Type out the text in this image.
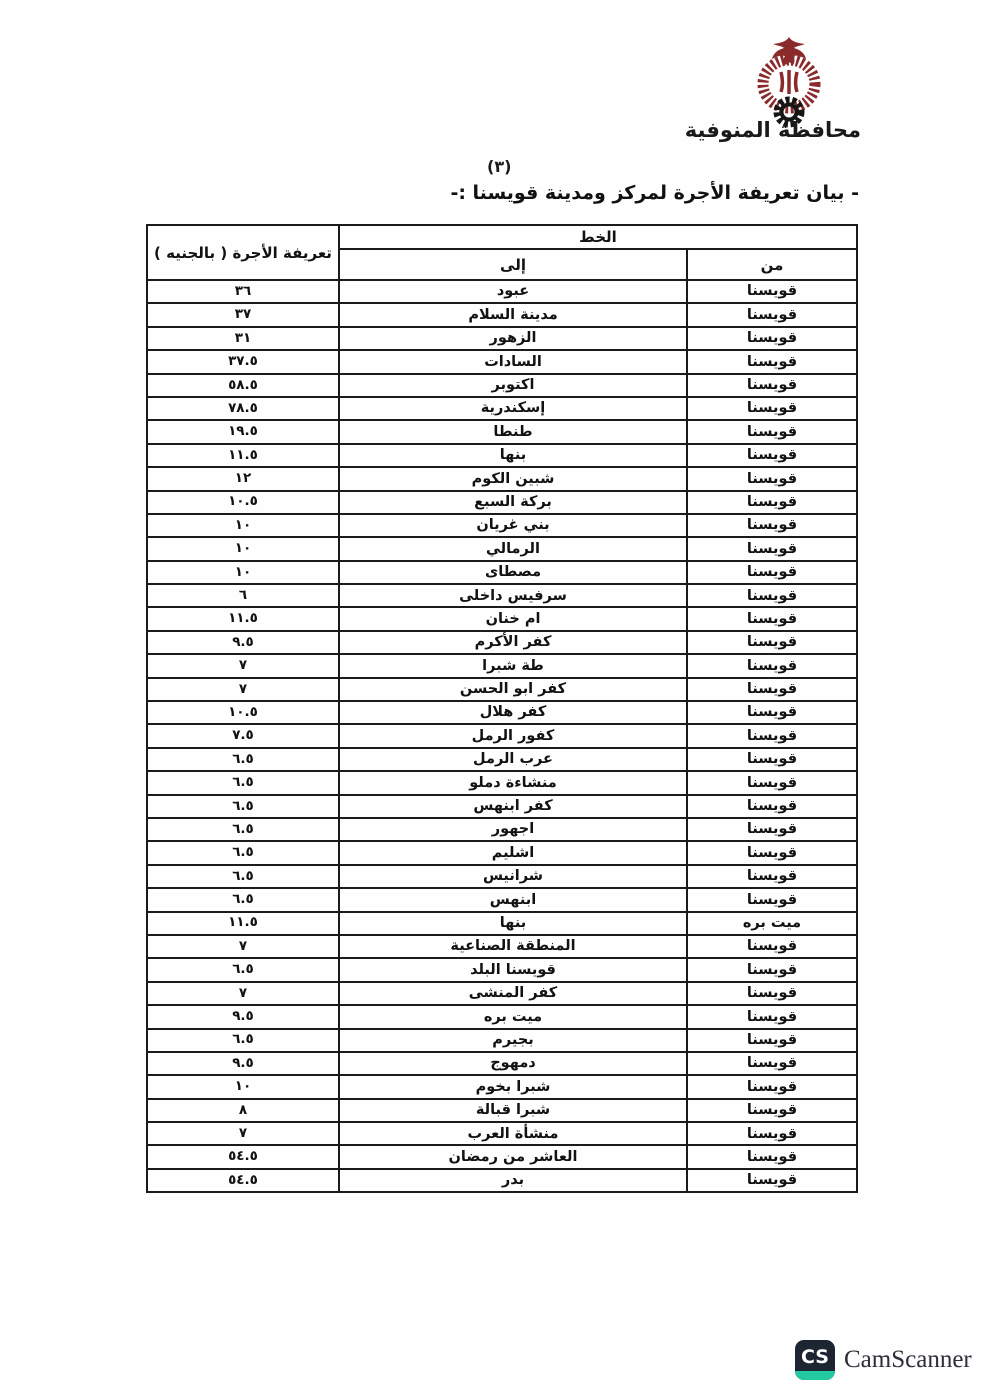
محافظة المنوفية
(٣)
- بيان تعريفة الأجرة لمركز ومدينة قويسنا :-
الخط		تعريفة الأجرة ( بالجنيه )
من	إلى	
قويسنا	عبود	٣٦
قويسنا	مدينة السلام	٣٧
قويسنا	الزهور	٣١
قويسنا	السادات	٣٧.٥
قويسنا	اكتوبر	٥٨.٥
قويسنا	إسكندرية	٧٨.٥
قويسنا	طنطا	١٩.٥
قويسنا	بنها	١١.٥
قويسنا	شبين الكوم	١٢
قويسنا	بركة السبع	١٠.٥
قويسنا	بني غريان	١٠
قويسنا	الرمالي	١٠
قويسنا	مصطاى	١٠
قويسنا	سرفيس داخلى	٦
قويسنا	ام خنان	١١.٥
قويسنا	كفر الأكرم	٩.٥
قويسنا	طة شبرا	٧
قويسنا	كفر ابو الحسن	٧
قويسنا	كفر هلال	١٠.٥
قويسنا	كفور الرمل	٧.٥
قويسنا	عرب الرمل	٦.٥
قويسنا	منشاءة دملو	٦.٥
قويسنا	كفر ابنهس	٦.٥
قويسنا	اجهور	٦.٥
قويسنا	اشليم	٦.٥
قويسنا	شرانيس	٦.٥
قويسنا	ابنهس	٦.٥
ميت بره	بنها	١١.٥
قويسنا	المنطقة الصناعية	٧
قويسنا	قويسنا البلد	٦.٥
قويسنا	كفر المنشى	٧
قويسنا	ميت بره	٩.٥
قويسنا	بجيرم	٦.٥
قويسنا	دمهوج	٩.٥
قويسنا	شبرا بخوم	١٠
قويسنا	شبرا قبالة	٨
قويسنا	منشأة العرب	٧
قويسنا	العاشر من رمضان	٥٤.٥
قويسنا	بدر	٥٤.٥
CS CamScanner
